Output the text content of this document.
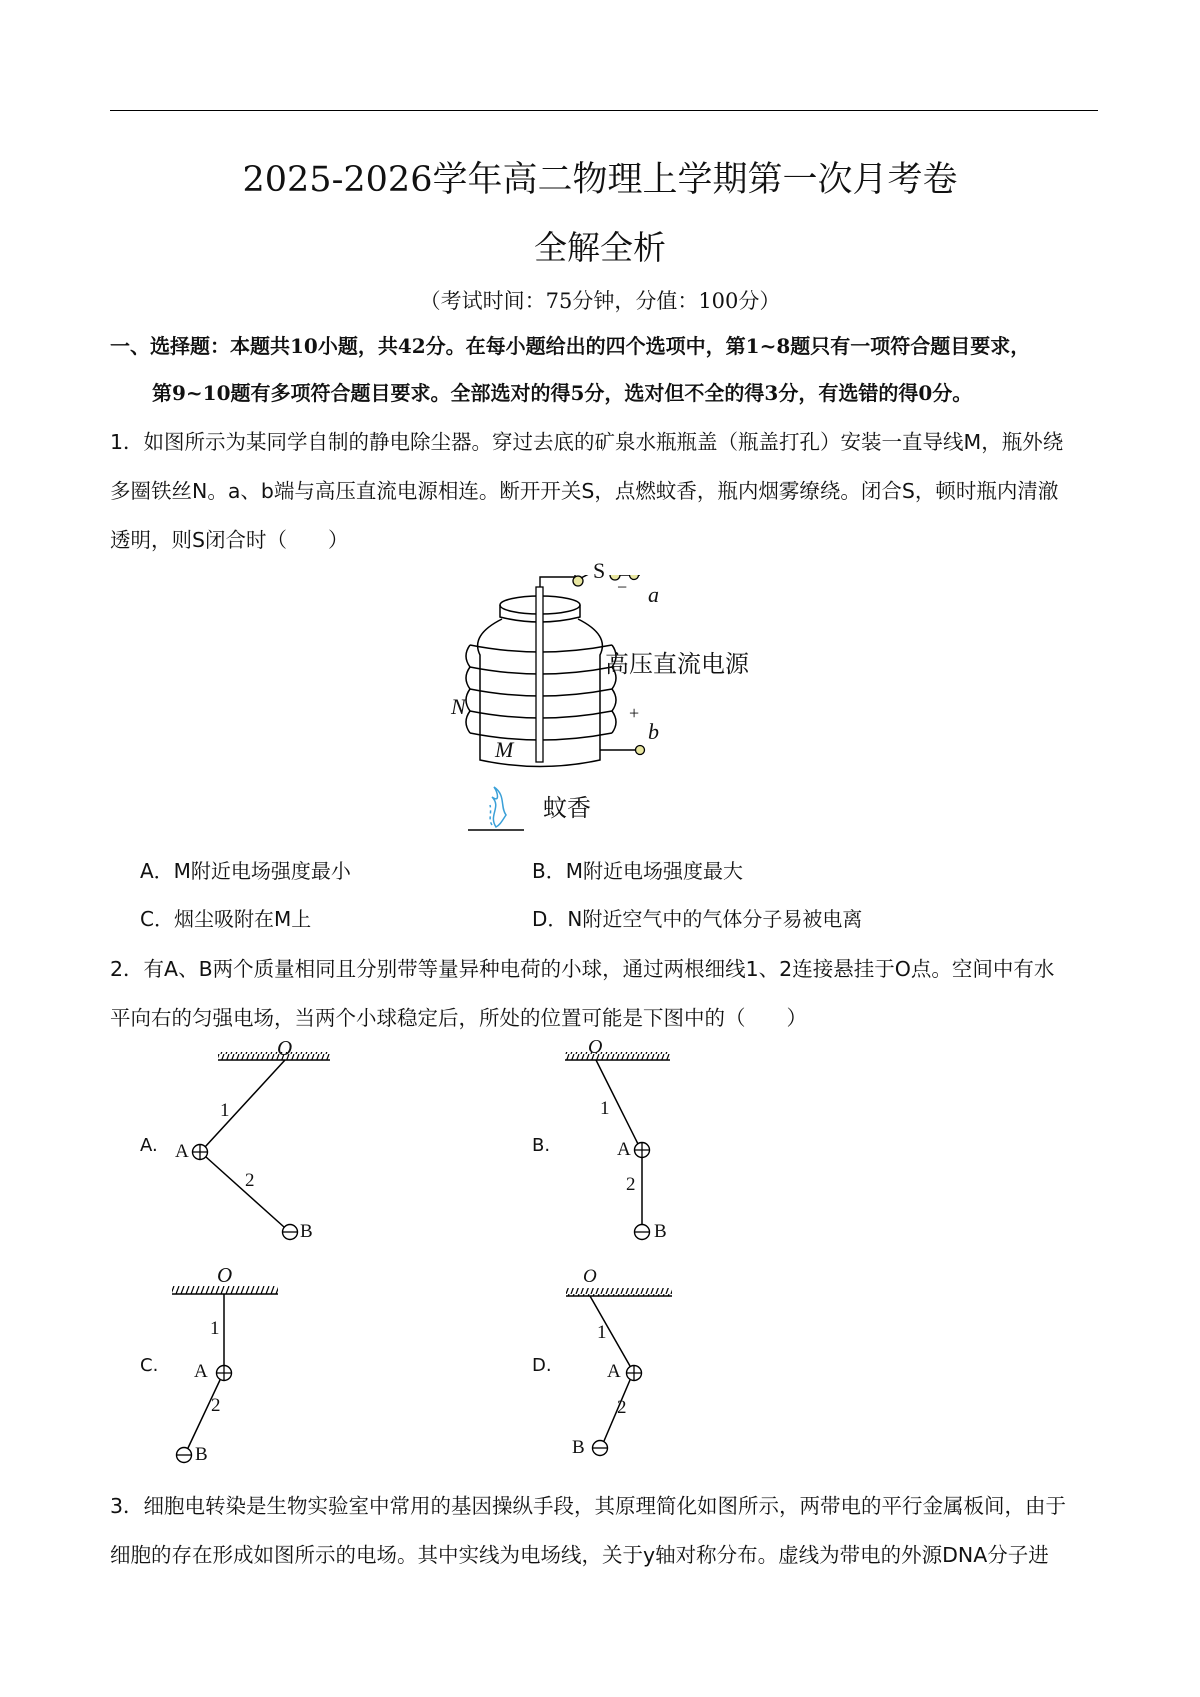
2025-2026学年高二物理上学期第一次月考卷
全解全析
（考试时间：75分钟，分值：100分）
一、选择题：本题共10小题，共42分。在每小题给出的四个选项中，第1~8题只有一项符合题目要求，
第9~10题有多项符合题目要求。全部选对的得5分，选对但不全的得3分，有选错的得0分。
1．如图所示为某同学自制的静电除尘器。穿过去底的矿泉水瓶瓶盖（瓶盖打孔）安装一直导线M，瓶外绕
多圈铁丝N。a、b端与高压直流电源相连。断开开关S，点燃蚊香，瓶内烟雾缭绕。闭合S，顿时瓶内清澈
透明，则S闭合时（　　）
S
− a
高压直流电源
N	+
b
M
蚊香
A．M附近电场强度最小	B．M附近电场强度最大
C．烟尘吸附在M上	D．N附近空气中的气体分子易被电离
2．有A、B两个质量相同且分别带等量异种电荷的小球，通过两根细线1、2连接悬挂于O点。空间中有水
平向右的匀强电场，当两个小球稳定后，所处的位置可能是下图中的（　　）
A.
O
1
A
2
B
B.
O
1
A
2
B
C.
O
1
A
2
B
D.
O
1
A
2
B
3．细胞电转染是生物实验室中常用的基因操纵手段，其原理简化如图所示，两带电的平行金属板间，由于
细胞的存在形成如图所示的电场。其中实线为电场线，关于y轴对称分布。虚线为带电的外源DNA分子进
